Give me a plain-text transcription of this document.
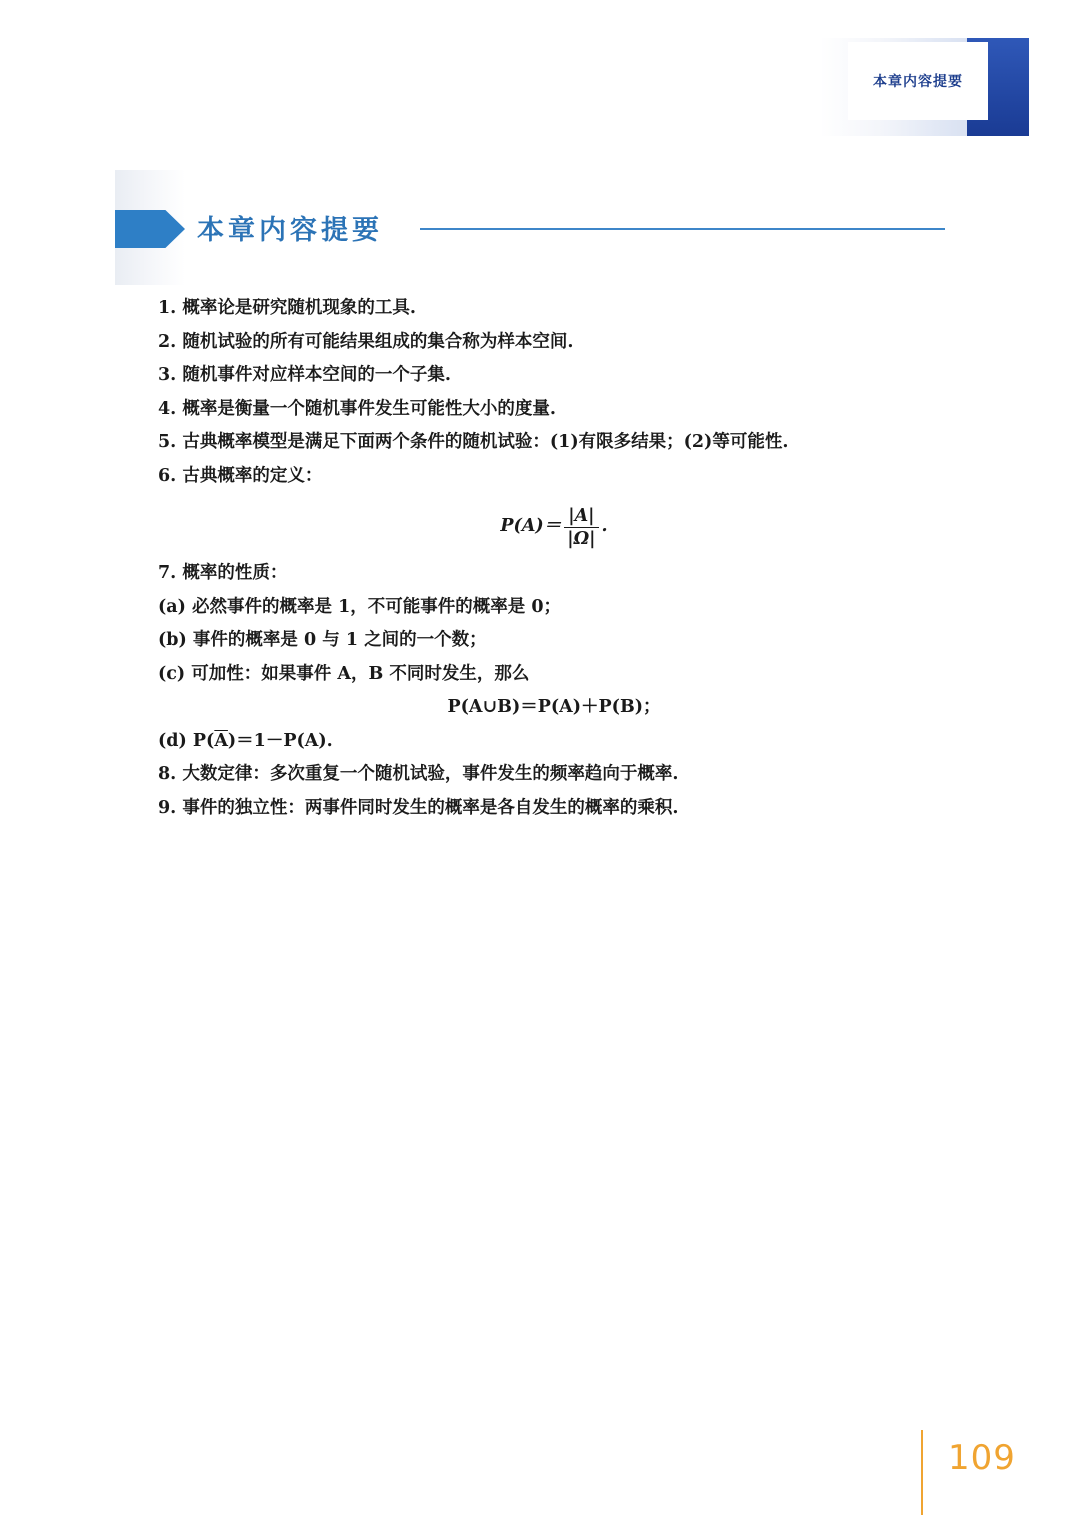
本章内容提要
本章内容提要

1. 概率论是研究随机现象的工具.

2. 随机试验的所有可能结果组成的集合称为样本空间.

3. 随机事件对应样本空间的一个子集.

4. 概率是衡量一个随机事件发生可能性大小的度量.

5. 古典概率模型是满足下面两个条件的随机试验：(1)有限多结果；(2)等可能性.

6. 古典概率的定义：

$P(A)= \frac{|A|}{|\Omega|}$ .

7. 概率的性质：

(a) 必然事件的概率是 1，不可能事件的概率是 0；

(b) 事件的概率是 0 与 1 之间的一个数；

(c) 可加性：如果事件 A，B 不同时发生，那么

P(A∪B)＝P(A)＋P(B)；

(d) $P(\overline{A})=1-P(A)$.

8. 大数定律：多次重复一个随机试验，事件发生的频率趋向于概率.

9. 事件的独立性：两事件同时发生的概率是各自发生的概率的乘积.

109
